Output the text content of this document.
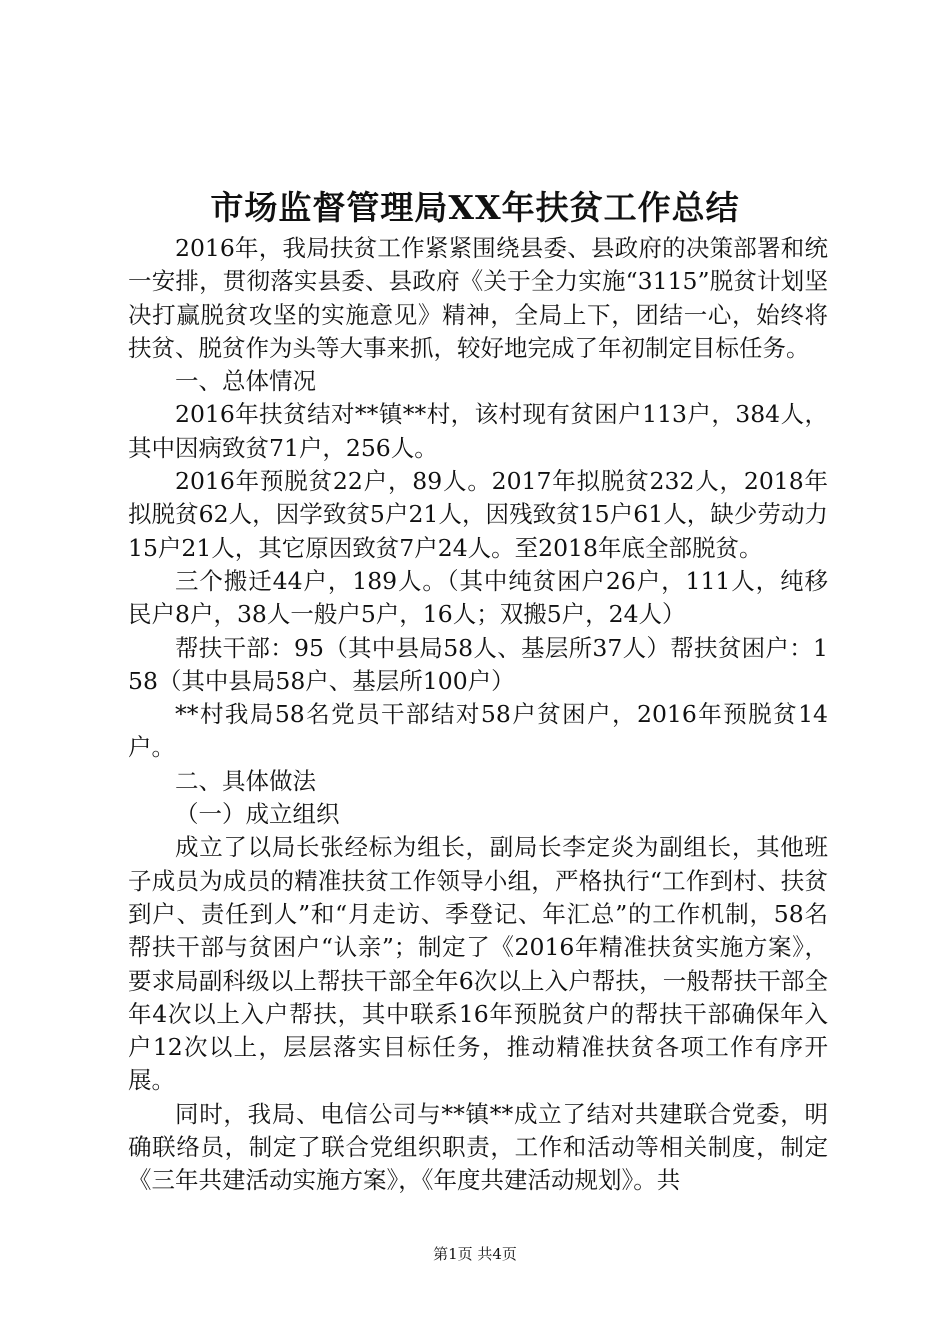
市场监督管理局XX年扶贫工作总结

2016年，我局扶贫工作紧紧围绕县委、县政府的决策部署和统一安排，贯彻落实县委、县政府《关于全力实施“3115”脱贫计划坚决打赢脱贫攻坚的实施意见》精神，全局上下，团结一心，始终将扶贫、脱贫作为头等大事来抓，较好地完成了年初制定目标任务。

一、总体情况

2016年扶贫结对**镇**村，该村现有贫困户113户，384人，其中因病致贫71户，256人。

2016年预脱贫22户，89人。2017年拟脱贫232人，2018年拟脱贫62人，因学致贫5户21人，因残致贫15户61人，缺少劳动力15户21人，其它原因致贫7户24人。至2018年底全部脱贫。

三个搬迁44户，189人。（其中纯贫困户26户，111人，纯移民户8户，38人一般户5户，16人；双搬5户，24人）

帮扶干部：95（其中县局58人、基层所37人）帮扶贫困户：158（其中县局58户、基层所100户）

**村我局58名党员干部结对58户贫困户，2016年预脱贫14户。

二、具体做法

（一）成立组织

成立了以局长张经标为组长，副局长李定炎为副组长，其他班子成员为成员的精准扶贫工作领导小组，严格执行“工作到村、扶贫到户、责任到人”和“月走访、季登记、年汇总”的工作机制，58名帮扶干部与贫困户“认亲”；制定了《2016年精准扶贫实施方案》，要求局副科级以上帮扶干部全年6次以上入户帮扶，一般帮扶干部全年4次以上入户帮扶，其中联系16年预脱贫户的帮扶干部确保年入户12次以上，层层落实目标任务，推动精准扶贫各项工作有序开展。

同时，我局、电信公司与**镇**成立了结对共建联合党委，明确联络员，制定了联合党组织职责，工作和活动等相关制度，制定《三年共建活动实施方案》，《年度共建活动规划》。共

第1页 共4页
